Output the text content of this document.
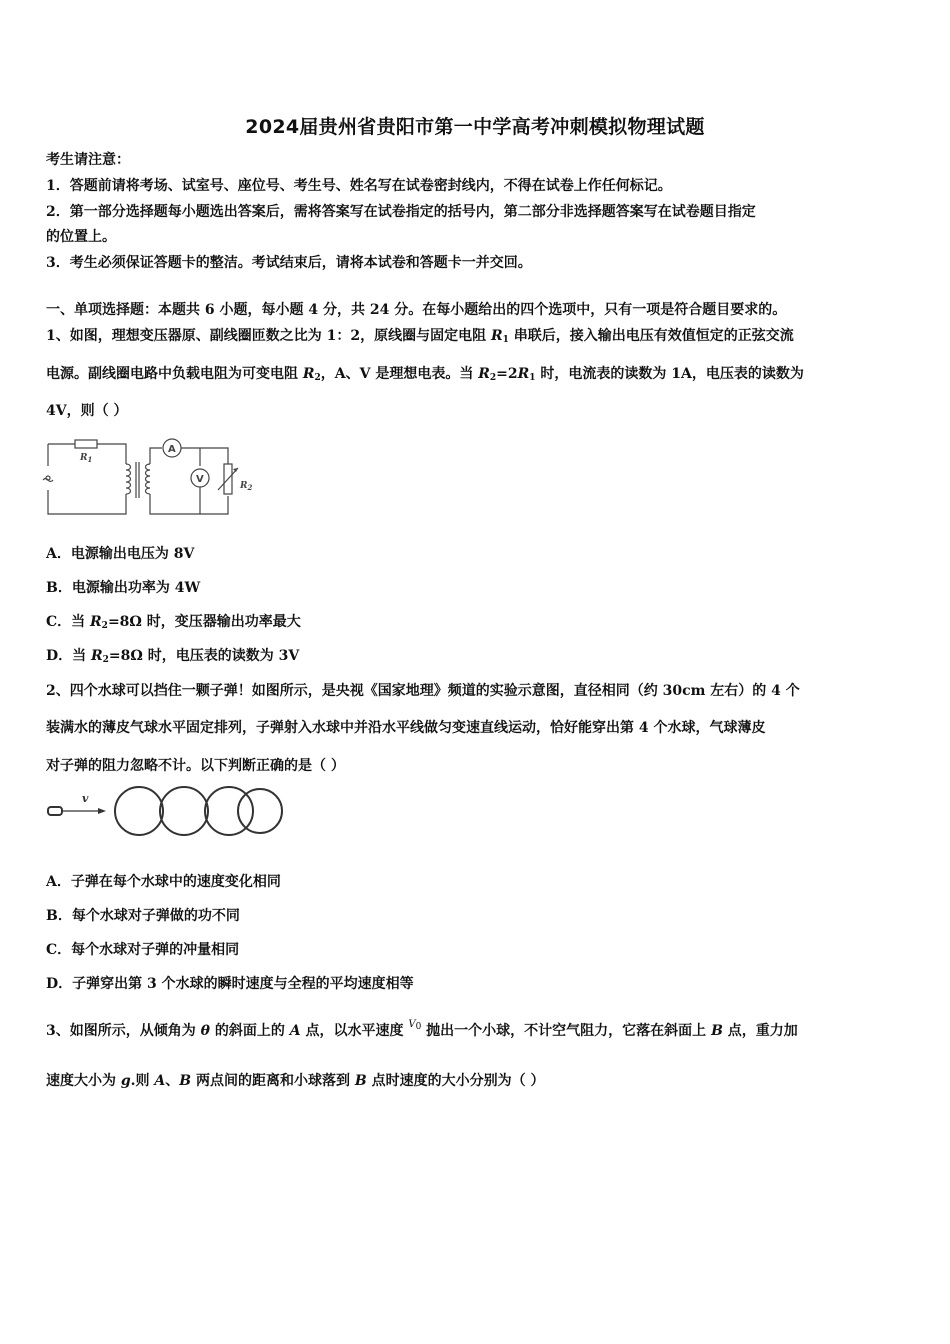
2024届贵州省贵阳市第一中学高考冲刺模拟物理试题
考生请注意：
1．答题前请将考场、试室号、座位号、考生号、姓名写在试卷密封线内，不得在试卷上作任何标记。
2．第一部分选择题每小题选出答案后，需将答案写在试卷指定的括号内，第二部分非选择题答案写在试卷题目指定
的位置上。
3．考生必须保证答题卡的整洁。考试结束后，请将本试卷和答题卡一并交回。
一、单项选择题：本题共 6 小题，每小题 4 分，共 24 分。在每小题给出的四个选项中，只有一项是符合题目要求的。
1、如图，理想变压器原、副线圈匝数之比为 1：2，原线圈与固定电阻 $R_1$ 串联后，接入输出电压有效值恒定的正弦交流
电源。副线圈电路中负载电阻为可变电阻 $R_2$，A、V 是理想电表。当 $R_2=2R_1$ 时，电流表的读数为 1A，电压表的读数为
4V，则（ ）
$R_1$
A
V
$R_2$
A．电源输出电压为 8V
B．电源输出功率为 4W
C．当 $R_2=8\Omega$ 时，变压器输出功率最大
D．当 $R_2=8\Omega$ 时，电压表的读数为 3V
2、四个水球可以挡住一颗子弹！如图所示，是央视《国家地理》频道的实验示意图，直径相同（约 30cm 左右）的 4 个
装满水的薄皮气球水平固定排列，子弹射入水球中并沿水平线做匀变速直线运动，恰好能穿出第 4 个水球，气球薄皮
对子弹的阻力忽略不计。以下判断正确的是（ ）
v
A．子弹在每个水球中的速度变化相同
B．每个水球对子弹做的功不同
C．每个水球对子弹的冲量相同
D．子弹穿出第 3 个水球的瞬时速度与全程的平均速度相等
3、如图所示，从倾角为 θ 的斜面上的 A 点，以水平速度 $^V_0$ 抛出一个小球，不计空气阻力，它落在斜面上 B 点，重力加
速度大小为 g.则 A、B 两点间的距离和小球落到 B 点时速度的大小分别为（ ）
